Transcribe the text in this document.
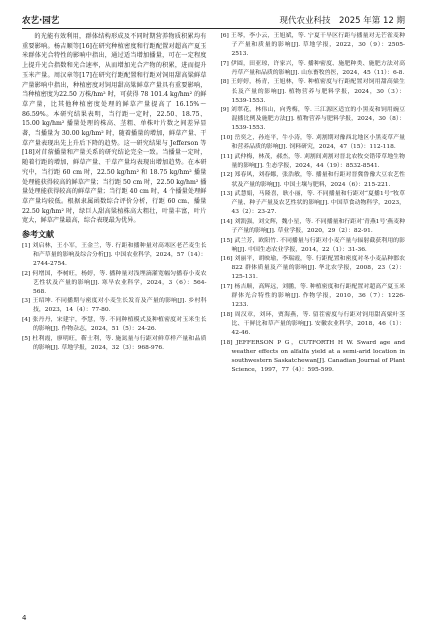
农艺·园艺	现代农业科技　2025 年第 12 期

的光能有效利用，群体结构形成及不同时期营养物质积累均有重要影响。杨吉顺等[16]在研究种植密度和行距配置对超高产夏玉米群体光合特性的影响中指出，通过适当增加播量，可在一定程度上提升光合指数和光合速率，从而增加光合产物的积累，进而提升玉米产量。周汉章等[17]在研究行距配置和行距对饲用甜高粱鲜草产量影响中指出，种植密度对饲用甜高粱鲜草产量具有重要影响，当种植密度为22.50 万株/hm² 时，可获得 78 101.4 kg/hm² 的鲜草产量，比其他种植密度处理的鲜草产量提高了 16.15%～86.59%。本研究结果表明，当行距一定时，22.50、18.75、15.00 kg/hm² 播量处理的株高、茎粗、单株叶片数之间差异显著，当播量为 30.00 kg/hm² 时，随着播量的增加，鲜草产量、干草产量表现出先上升后下降的趋势。这一研究结果与 Jefferson 等[18]对苜蓿播量和产量关系的研究结论完全一致。当播量一定时，随着行距的增加，鲜草产量、干草产量均表现出增加趋势。在本研究中，当行距 60 cm 时，22.50 kg/hm² 和 18.75 kg/hm² 播量处理能获得较高的鲜草产量；当行距 50 cm 时，22.50 kg/hm² 播量处理能获得较高的鲜草产量；当行距 40 cm 时，4 个播量处理鲜草产量均较低。根据隶属函数综合评价分析，行距 60 cm、播量 22.50 kg/hm² 时，绿巨人甜高粱植株高大粗壮，叶量丰富，叶片宽大，鲜草产量最高，综合表现最为优异。

参考文献
[1] 刘启林，王小军，王金兰，等. 行距和播种量对高寒区老芒麦生长和产草量的影响及综合分析[J]. 中国农业科学，2024，57（14）：2744-2754.
[2] 何增国，李树旺，杨婷，等. 播种量对浅埋滴灌宽幅匀播春小麦农艺性状及产量的影响[J]. 寒旱农业科学，2024，3（6）：564-568.
[3] 王绍坤. 不同播期与密度对小麦生长发育及产量的影响[J]. 乡村科技，2023，14（4）：77-80.
[4] 张丹丹，宋建宇，李慧，等. 不同种植模式及种植密度对玉米生长的影响[J]. 作物杂志，2024，51（5）：24-26.
[5] 杜利霞，廖明旺，靳士利，等. 施氮量与行距对鲜草样产量和品质的影响[J]. 草地学报，2024，32（3）：968-976.
[6] 王琴，李小云，王旭斌，等. 宁夏干旱区行距与播量对无芒雀麦种子产量和质量的影响[J]. 草地学报，2022，30（9）：2505-2513.
[7] 伊圆，田亚琼，许家兴，等. 播种密度、施肥种类、施肥方法对高丹草产量和品质的影响[J]. 山东畜牧兽医，2024，45（11）：6-8.
[8] 王婷婷，杨青，王旭林，等. 种植密度与行距配置对饲用甜高粱生长及产量的影响[J]. 植物营养与肥料学报，2024，30（3）：1539-1553.
[9] 刘翠花，林伟山，向秀梅，等. 三江源区适宜的小黑麦和饲用豌豆混播比例及施肥方法[J]. 植物营养与肥料学报，2024，30（8）：1539-1553.
[10] 岳奕之，孙连平，牛小涛，等. 刈割期对豫西北地区小黑麦草产量和营养品质的影响[J]. 饲料研究，2024，47（15）：112-118.
[11] 武仲梅，林茂，郝杰，等. 刈割间刈割对晋北农牧交错带草地生物量的影响[J]. 生态学报，2024，44（19）：8532-8541.
[12] 郑春风，刘春娜，张浩敏，等. 播量和行距对晋冀鲁豫大豆农艺性状及产量的影响[J]. 中国土壤与肥料，2024（6）：215-221.
[13] 武慧娟，马隆喜，耿小丽，等. 不同播量和行距对“夏播1号”牧草产量、种子产量及农艺性状的影响[J]. 中国草食动物科学，2023，43（2）：23-27.
[14] 刘凯强，刘文辉，魏小星，等. 不同播量和行距对‘青燕1号’燕麦种子产量的影响[J]. 草业学报，2020，29（2）：82-91.
[15] 武兰芳，欧阳竹. 不同播量与行距对小麦产量与辐射截获利用的影响[J]. 中国生态农业学报，2014，22（1）：31-36.
[16] 刘丽平，胡映瑜，李瑞霞，等. 行距配置和密度对冬小麦品种邯农 822 群体质量及产量的影响[J]. 华北农学报，2008，23（2）：125-131.
[17] 杨吉顺，高辉远，刘鹏，等. 种植密度和行距配置对超高产夏玉米群体光合特性的影响[J]. 作物学报，2010，36（7）：1226-1233.
[18] 周汉章，刘环，贾海燕，等. 留茬密度与行距对饲用甜高粱叶茎比、干鲜比和草产量的影响[J]. 安徽农业科学，2018，46（1）：42-46.
[18] JEFFERSON P G，CUTFORTH H W. Sward age and weather effects on alfalfa yield at a semi-arid location in southwestern Saskatchewan[J]. Canadian Journal of Plant Science，1997，77（4）：595-599.
4
